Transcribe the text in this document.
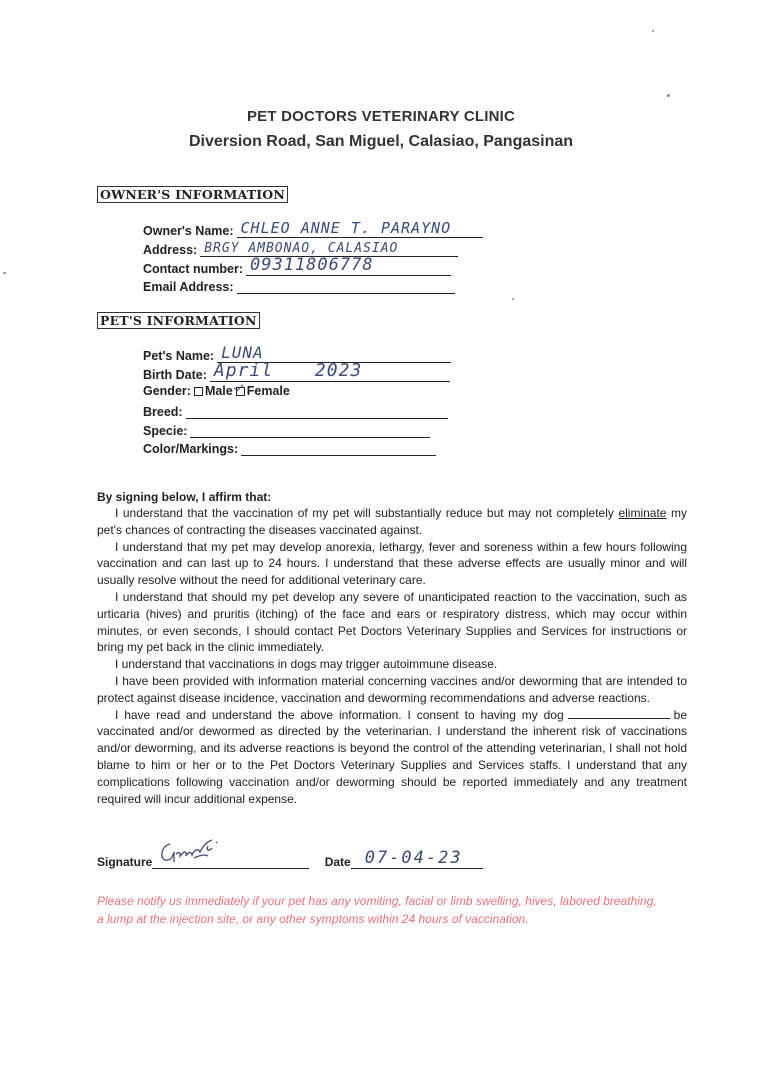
PET DOCTORS VETERINARY CLINIC
Diversion Road, San Miguel, Calasiao, Pangasinan
OWNER'S INFORMATION
Owner's Name: CHLEO ANNE T. PARAYNO
Address: BRGY AMBONAO, CALASIAO
Contact number: 09311806778
Email Address:
PET'S INFORMATION
Pet's Name: LUNA
Birth Date: April 2023
Gender: Male Female
Breed:
Specie:
Color/Markings:
By signing below, I affirm that:

I understand that the vaccination of my pet will substantially reduce but may not completely eliminate my pet's chances of contracting the diseases vaccinated against.

I understand that my pet may develop anorexia, lethargy, fever and soreness within a few hours following vaccination and can last up to 24 hours. I understand that these adverse effects are usually minor and will usually resolve without the need for additional veterinary care.

I understand that should my pet develop any severe of unanticipated reaction to the vaccination, such as urticaria (hives) and pruritis (itching) of the face and ears or respiratory distress, which may occur within minutes, or even seconds, I should contact Pet Doctors Veterinary Supplies and Services for instructions or bring my pet back in the clinic immediately.

I understand that vaccinations in dogs may trigger autoimmune disease.

I have been provided with information material concerning vaccines and/or deworming that are intended to protect against disease incidence, vaccination and deworming recommendations and adverse reactions.

I have read and understand the above information. I consent to having my dog	be vaccinated and/or dewormed as directed by the veterinarian. I understand the inherent risk of vaccinations and/or deworming, and its adverse reactions is beyond the control of the attending veterinarian, I shall not hold blame to him or her or to the Pet Doctors Veterinary Supplies and Services staffs. I understand that any complications following vaccination and/or deworming should be reported immediately and any treatment required will incur additional expense.

Signature	Date 07-04-23
Please notify us immediately if your pet has any vomiting, facial or limb swelling, hives, labored breathing, a lump at the injection site, or any other symptoms within 24 hours of vaccination.
